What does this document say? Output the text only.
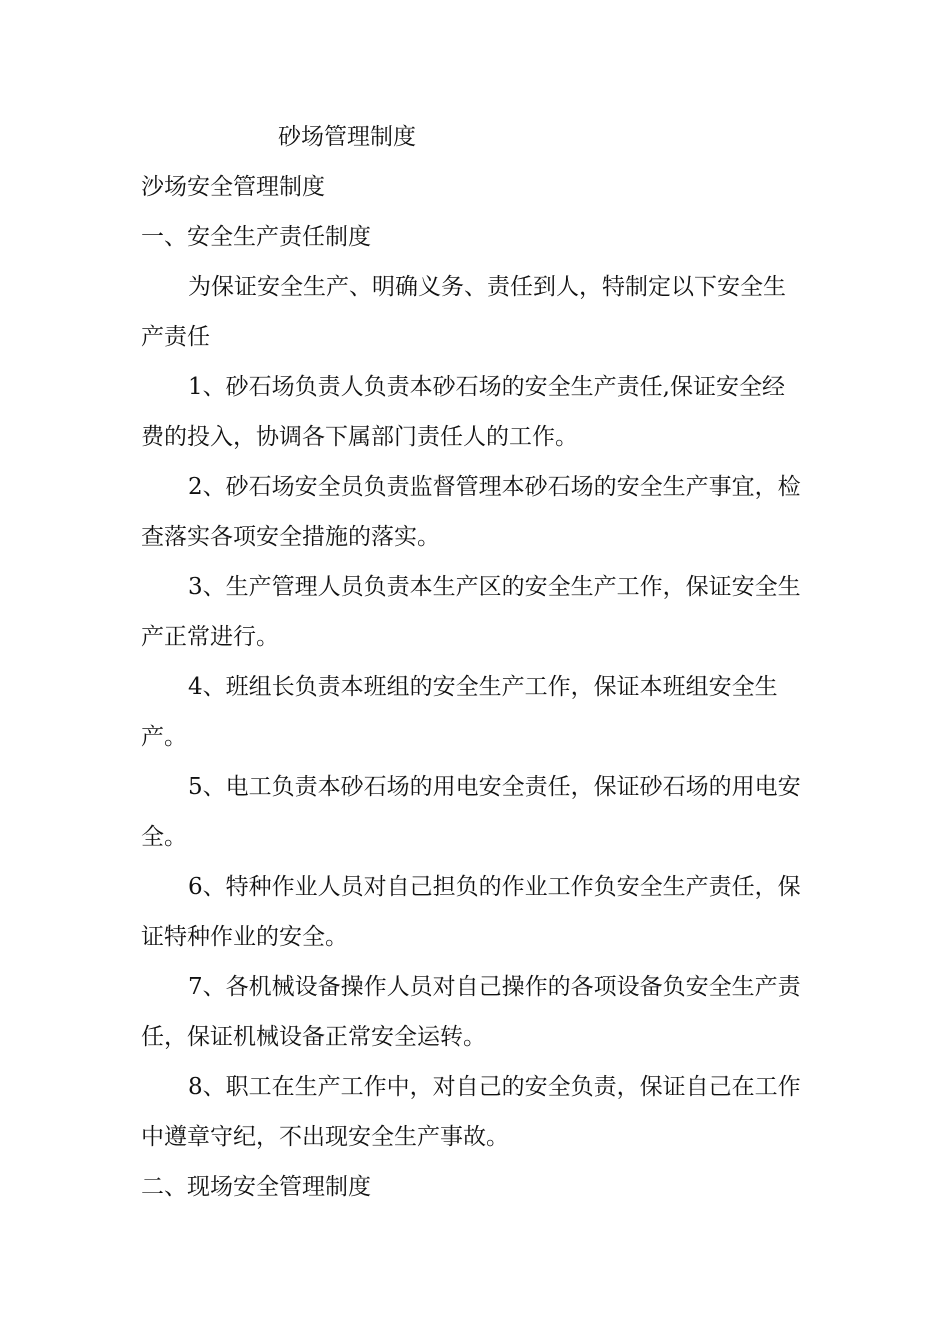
砂场管理制度

沙场安全管理制度

一、安全生产责任制度

为保证安全生产、明确义务、责任到人，特制定以下安全生

产责任

1、砂石场负责人负责本砂石场的安全生产责任,保证安全经

费的投入，协调各下属部门责任人的工作。

2、砂石场安全员负责监督管理本砂石场的安全生产事宜，检

查落实各项安全措施的落实。

3、生产管理人员负责本生产区的安全生产工作，保证安全生

产正常进行。

4、班组长负责本班组的安全生产工作，保证本班组安全生

产。

5、电工负责本砂石场的用电安全责任，保证砂石场的用电安

全。

6、特种作业人员对自己担负的作业工作负安全生产责任，保

证特种作业的安全。

7、各机械设备操作人员对自己操作的各项设备负安全生产责

任，保证机械设备正常安全运转。

8、职工在生产工作中，对自己的安全负责，保证自己在工作

中遵章守纪，不出现安全生产事故。

二、现场安全管理制度
